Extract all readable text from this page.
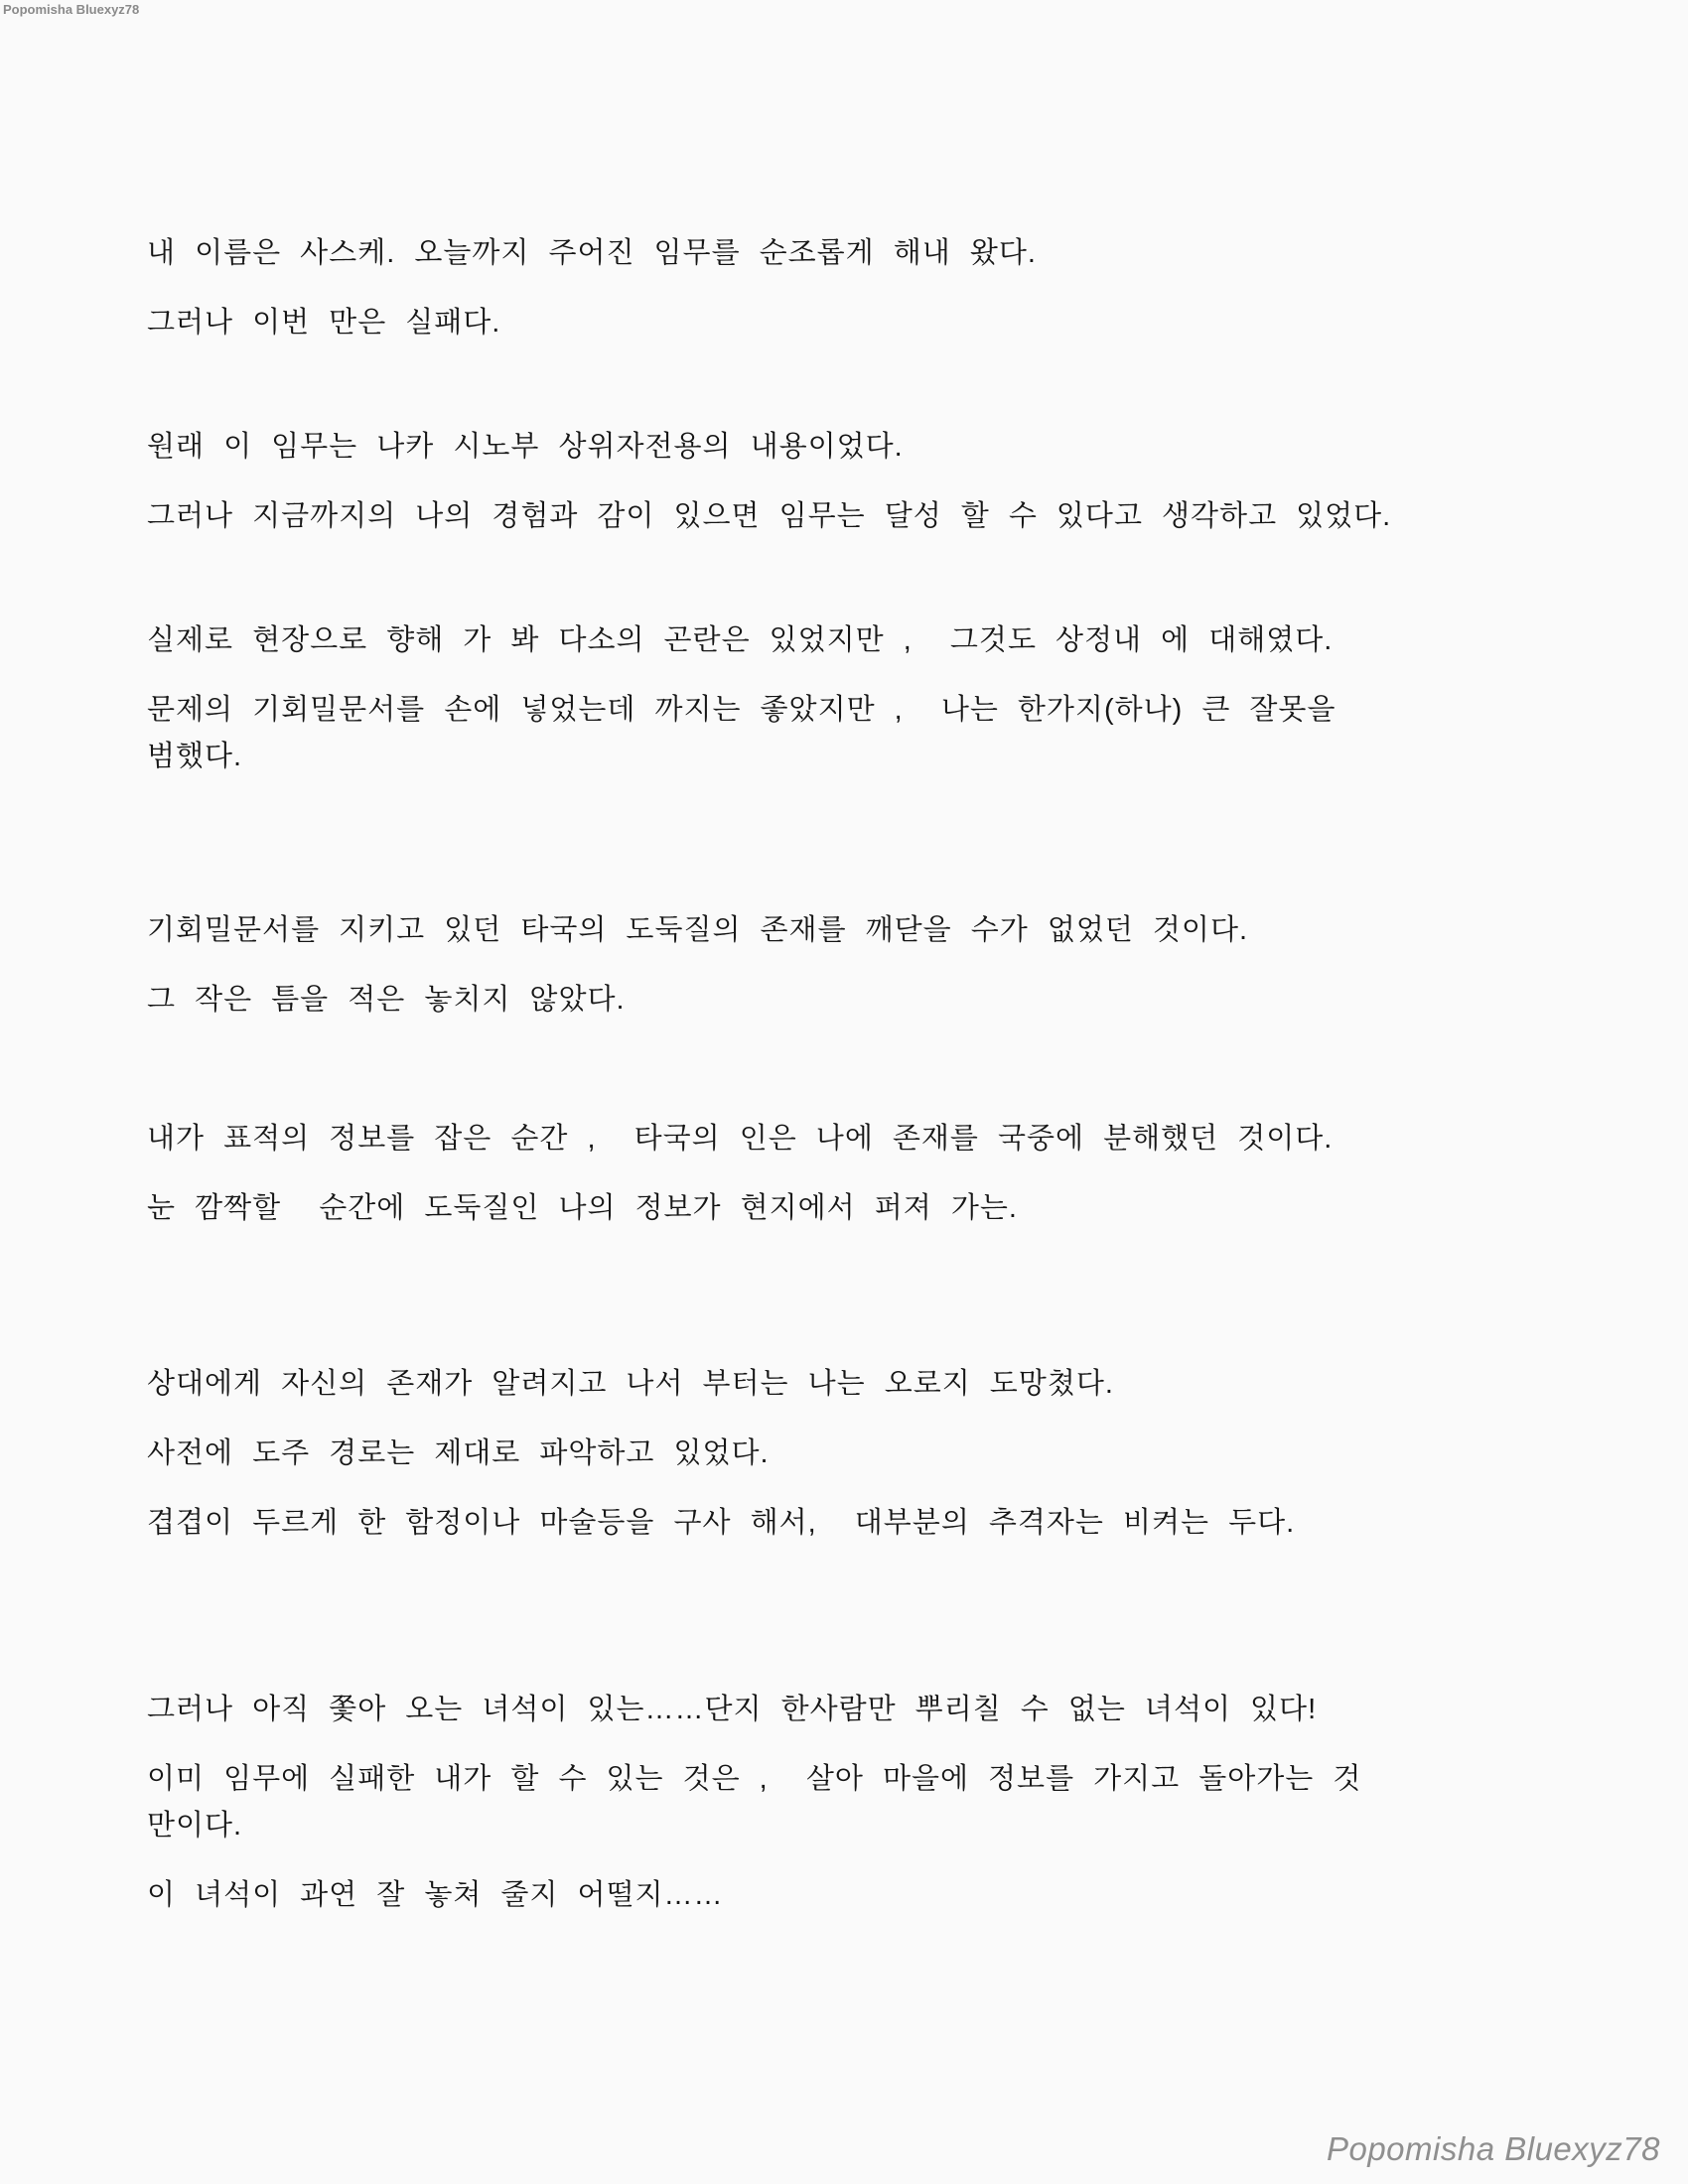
Popomisha Bluexyz78

내 이름은 사스케. 오늘까지 주어진 임무를 순조롭게 해내 왔다.

그러나 이번 만은 실패다.

원래 이 임무는 나카 시노부 상위자전용의 내용이었다.

그러나 지금까지의 나의 경험과 감이 있으면 임무는 달성 할 수 있다고 생각하고 있었다.

실제로 현장으로 향해 가 봐 다소의 곤란은 있었지만 ,  그것도 상정내 에 대해였다.

문제의 기회밀문서를 손에 넣었는데 까지는 좋았지만 ,  나는 한가지(하나) 큰 잘못을

범했다.

기회밀문서를 지키고 있던 타국의 도둑질의 존재를 깨닫을 수가 없었던 것이다.

그 작은 틈을 적은 놓치지 않았다.

내가 표적의 정보를 잡은 순간 ,  타국의 인은 나에 존재를 국중에 분해했던 것이다.

눈 깜짝할  순간에 도둑질인 나의 정보가 현지에서 퍼져 가는.

상대에게 자신의 존재가 알려지고 나서 부터는 나는 오로지 도망쳤다.

사전에 도주 경로는 제대로 파악하고 있었다.

겹겹이 두르게 한 함정이나 마술등을 구사 해서,  대부분의 추격자는 비켜는 두다.

그러나 아직 쫓아 오는 녀석이 있는……단지 한사람만 뿌리칠 수 없는 녀석이 있다!

이미 임무에 실패한 내가 할 수 있는 것은 ,  살아 마을에 정보를 가지고 돌아가는 것

만이다.

이 녀석이 과연 잘 놓쳐 줄지 어떨지……

Popomisha Bluexyz78
